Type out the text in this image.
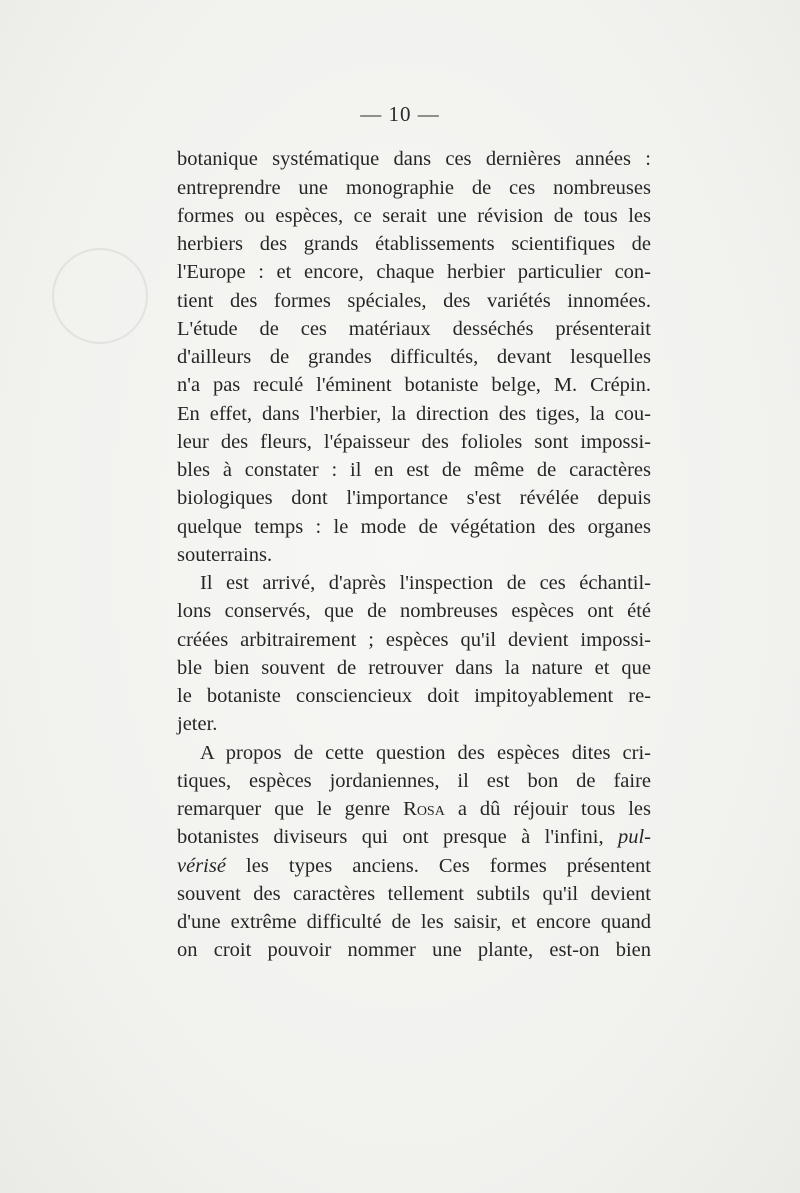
— 10 —
botanique systématique dans ces dernières années :
entreprendre une monographie de ces nombreuses
formes ou espèces, ce serait une révision de tous les
herbiers des grands établissements scientifiques de
l'Europe : et encore, chaque herbier particulier con-
tient des formes spéciales, des variétés innomées.
L'étude de ces matériaux desséchés présenterait
d'ailleurs de grandes difficultés, devant lesquelles
n'a pas reculé l'éminent botaniste belge, M. Crépin.
En effet, dans l'herbier, la direction des tiges, la cou-
leur des fleurs, l'épaisseur des folioles sont impossi-
bles à constater : il en est de même de caractères
biologiques dont l'importance s'est révélée depuis
quelque temps : le mode de végétation des organes
souterrains.
Il est arrivé, d'après l'inspection de ces échantil-
lons conservés, que de nombreuses espèces ont été
créées arbitrairement ; espèces qu'il devient impossi-
ble bien souvent de retrouver dans la nature et que
le botaniste consciencieux doit impitoyablement re-
jeter.
A propos de cette question des espèces dites cri-
tiques, espèces jordaniennes, il est bon de faire
remarquer que le genre Rosa a dû réjouir tous les
botanistes diviseurs qui ont presque à l'infini, pul-
vérisé les types anciens. Ces formes présentent
souvent des caractères tellement subtils qu'il devient
d'une extrême difficulté de les saisir, et encore quand
on croit pouvoir nommer une plante, est-on bien
